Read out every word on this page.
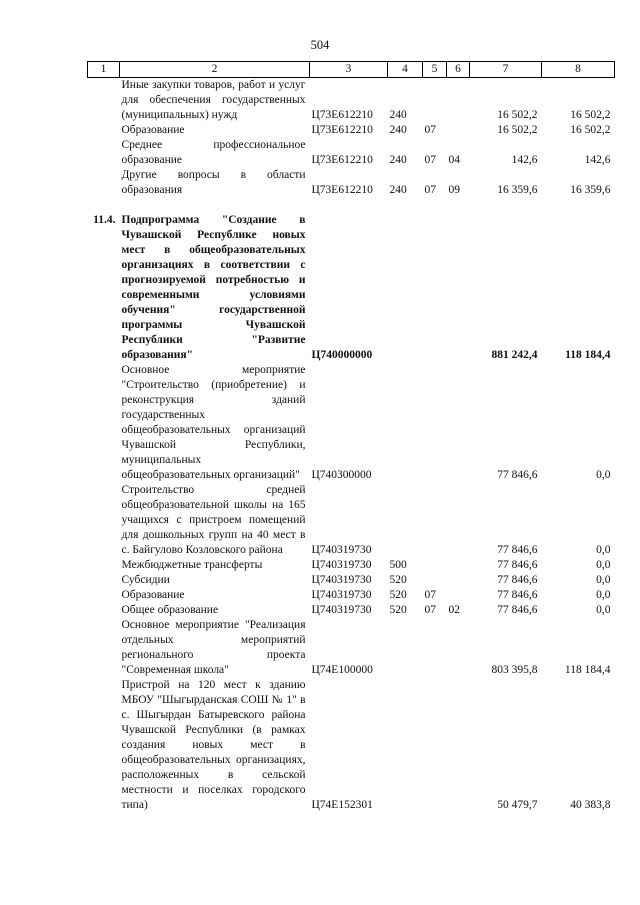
504
1	2	3	4	5	6	7	8
	Иные закупки товаров, работ и услуг для обеспечения государственных (муниципальных) нужд	Ц73Е612210	240			16 502,2	16 502,2
	Образование	Ц73Е612210	240	07		16 502,2	16 502,2
	Среднее профессиональное образование	Ц73Е612210	240	07	04	142,6	142,6
	Другие вопросы в области образования	Ц73Е612210	240	07	09	16 359,6	16 359,6

11.4.	Подпрограмма "Создание в Чувашской Республике новых мест в общеобразовательных организациях в соответствии с прогнозируемой потребностью и современными условиями обучения" государственной программы Чувашской Республики "Развитие образования"	Ц740000000				881 242,4	118 184,4
	Основное мероприятие "Строительство (приобретение) и реконструкция зданий государственных общеобразовательных организаций Чувашской Республики, муниципальных общеобразовательных организаций"	Ц740300000				77 846,6	0,0
	Строительство средней общеобразовательной школы на 165 учащихся с пристроем помещений для дошкольных групп на 40 мест в с. Байгулово Козловского района	Ц740319730				77 846,6	0,0
	Межбюджетные трансферты	Ц740319730	500			77 846,6	0,0
	Субсидии	Ц740319730	520			77 846,6	0,0
	Образование	Ц740319730	520	07		77 846,6	0,0
	Общее образование	Ц740319730	520	07	02	77 846,6	0,0
	Основное мероприятие "Реализация отдельных мероприятий регионального проекта "Современная школа"	Ц74Е100000				803 395,8	118 184,4
	Пристрой на 120 мест к зданию МБОУ "Шыгырданская СОШ № 1" в с. Шыгырдан Батыревского района Чувашской Республики (в рамках создания новых мест в общеобразовательных организациях, расположенных в сельской местности и поселках городского типа)	Ц74Е152301				50 479,7	40 383,8
